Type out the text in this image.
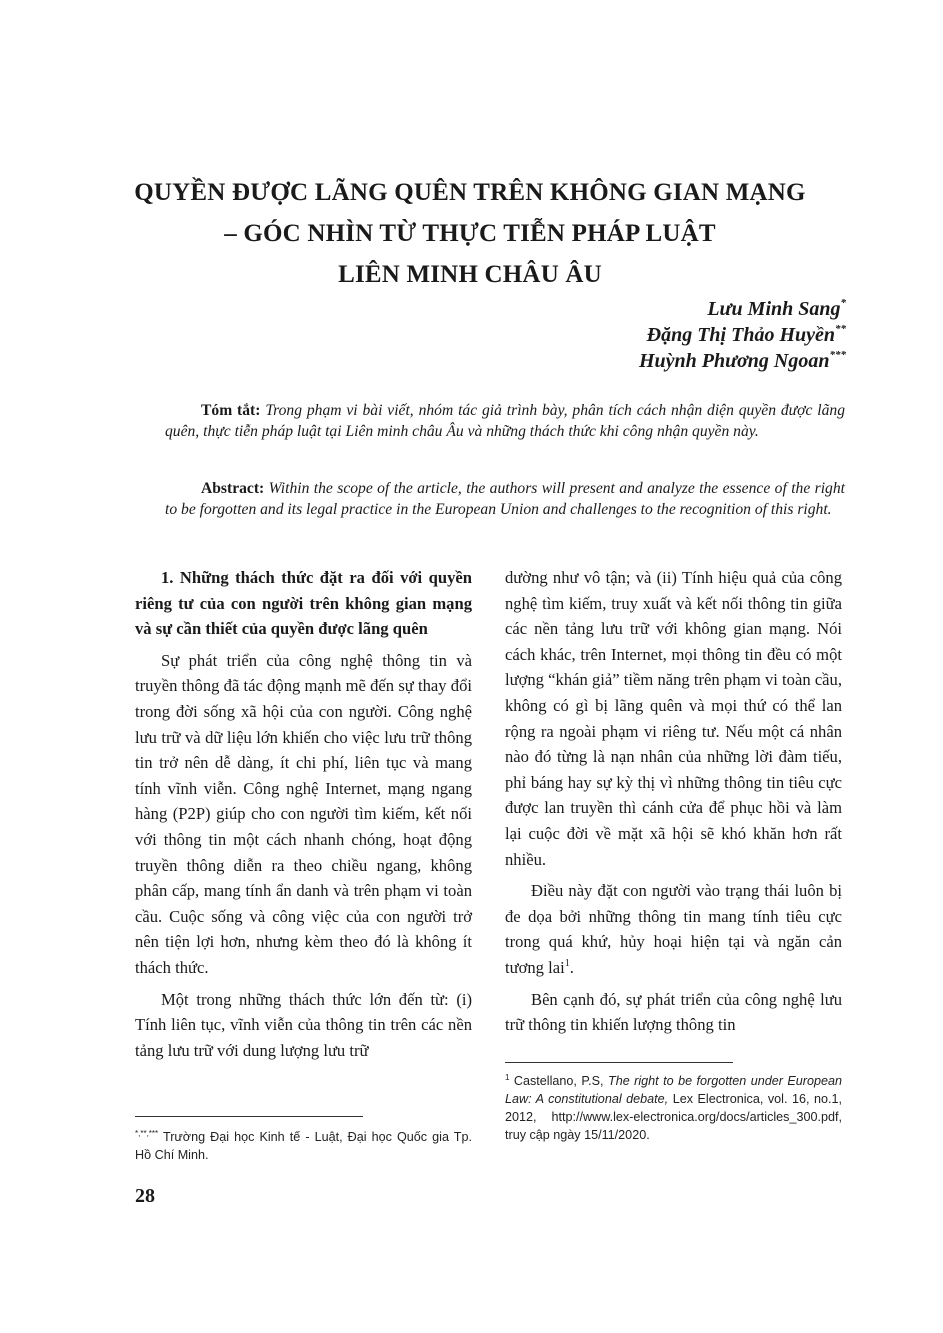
QUYỀN ĐƯỢC LÃNG QUÊN TRÊN KHÔNG GIAN MẠNG
– GÓC NHÌN TỪ THỰC TIỄN PHÁP LUẬT
LIÊN MINH CHÂU ÂU
Lưu Minh Sang*
Đặng Thị Thảo Huyền**
Huỳnh Phương Ngoan***
Tóm tắt: Trong phạm vi bài viết, nhóm tác giả trình bày, phân tích cách nhận diện quyền được lãng quên, thực tiễn pháp luật tại Liên minh châu Âu và những thách thức khi công nhận quyền này.
Abstract: Within the scope of the article, the authors will present and analyze the essence of the right to be forgotten and its legal practice in the European Union and challenges to the recognition of this right.

1. Những thách thức đặt ra đối với quyền riêng tư của con người trên không gian mạng và sự cần thiết của quyền được lãng quên

Sự phát triển của công nghệ thông tin và truyền thông đã tác động mạnh mẽ đến sự thay đổi trong đời sống xã hội của con người. Công nghệ lưu trữ và dữ liệu lớn khiến cho việc lưu trữ thông tin trở nên dễ dàng, ít chi phí, liên tục và mang tính vĩnh viễn. Công nghệ Internet, mạng ngang hàng (P2P) giúp cho con người tìm kiếm, kết nối với thông tin một cách nhanh chóng, hoạt động truyền thông diễn ra theo chiều ngang, không phân cấp, mang tính ẩn danh và trên phạm vi toàn cầu. Cuộc sống và công việc của con người trở nên tiện lợi hơn, nhưng kèm theo đó là không ít thách thức.

Một trong những thách thức lớn đến từ: (i) Tính liên tục, vĩnh viễn của thông tin trên các nền tảng lưu trữ với dung lượng lưu trữ

dường như vô tận; và (ii) Tính hiệu quả của công nghệ tìm kiếm, truy xuất và kết nối thông tin giữa các nền tảng lưu trữ với không gian mạng. Nói cách khác, trên Internet, mọi thông tin đều có một lượng “khán giả” tiềm năng trên phạm vi toàn cầu, không có gì bị lãng quên và mọi thứ có thể lan rộng ra ngoài phạm vi riêng tư. Nếu một cá nhân nào đó từng là nạn nhân của những lời đàm tiếu, phỉ báng hay sự kỳ thị vì những thông tin tiêu cực được lan truyền thì cánh cửa để phục hồi và làm lại cuộc đời về mặt xã hội sẽ khó khăn hơn rất nhiều.

Điều này đặt con người vào trạng thái luôn bị đe dọa bởi những thông tin mang tính tiêu cực trong quá khứ, hủy hoại hiện tại và ngăn cản tương lai$^1$.

Bên cạnh đó, sự phát triển của công nghệ lưu trữ thông tin khiến lượng thông tin

*,**,*** Trường Đại học Kinh tế - Luật, Đại học Quốc gia Tp. Hồ Chí Minh.
$^1$ Castellano, P.S, The right to be forgotten under European Law: A constitutional debate, Lex Electronica, vol. 16, no.1, 2012, http://www.lex-electronica.org/docs/articles_300.pdf, truy cập ngày 15/11/2020.
28
